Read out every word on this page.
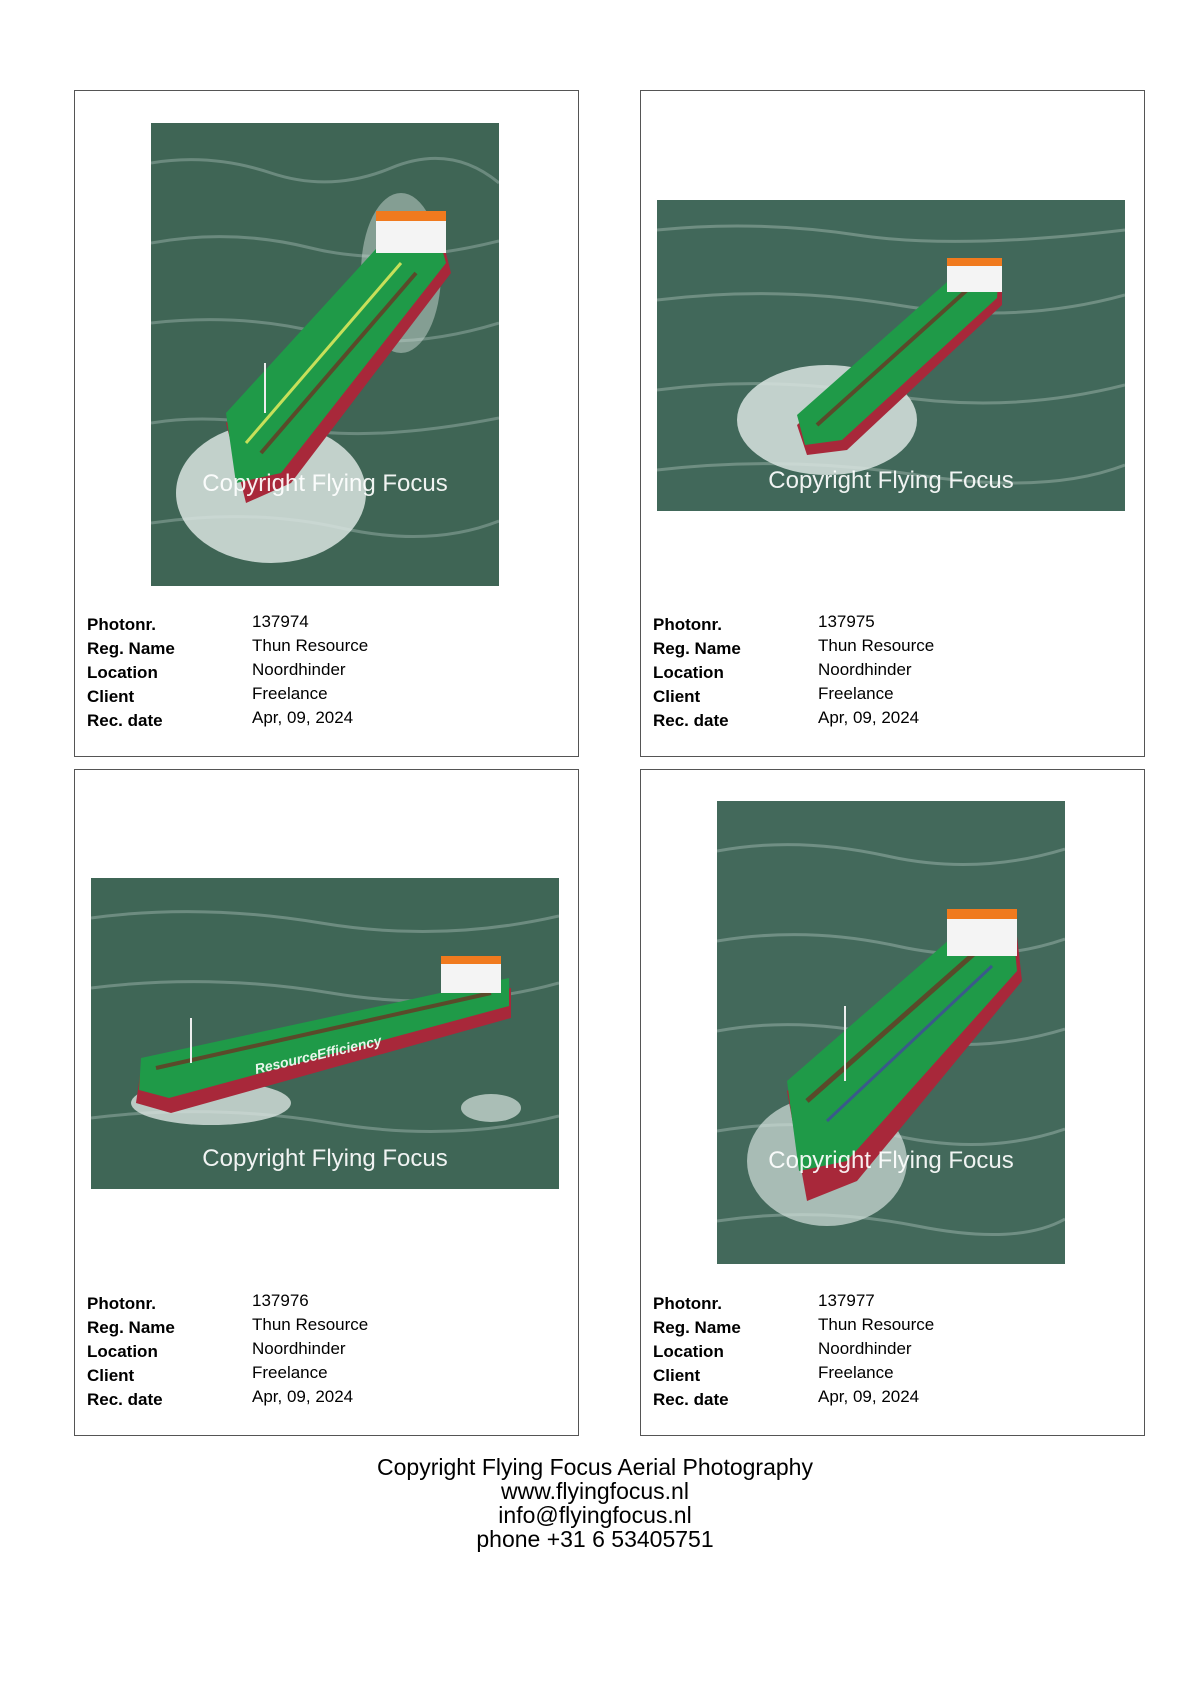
Copyright Flying Focus
Photonr.	137974
Reg. Name	Thun Resource
Location	Noordhinder
Client	Freelance
Rec. date	Apr, 09, 2024
Copyright Flying Focus
Photonr.	137975
Reg. Name	Thun Resource
Location	Noordhinder
Client	Freelance
Rec. date	Apr, 09, 2024
ResourceEfficiency
Copyright Flying Focus
Photonr.	137976
Reg. Name	Thun Resource
Location	Noordhinder
Client	Freelance
Rec. date	Apr, 09, 2024
Copyright Flying Focus
Photonr.	137977
Reg. Name	Thun Resource
Location	Noordhinder
Client	Freelance
Rec. date	Apr, 09, 2024
Copyright Flying Focus Aerial Photography
www.flyingfocus.nl
info@flyingfocus.nl
phone +31 6 53405751
